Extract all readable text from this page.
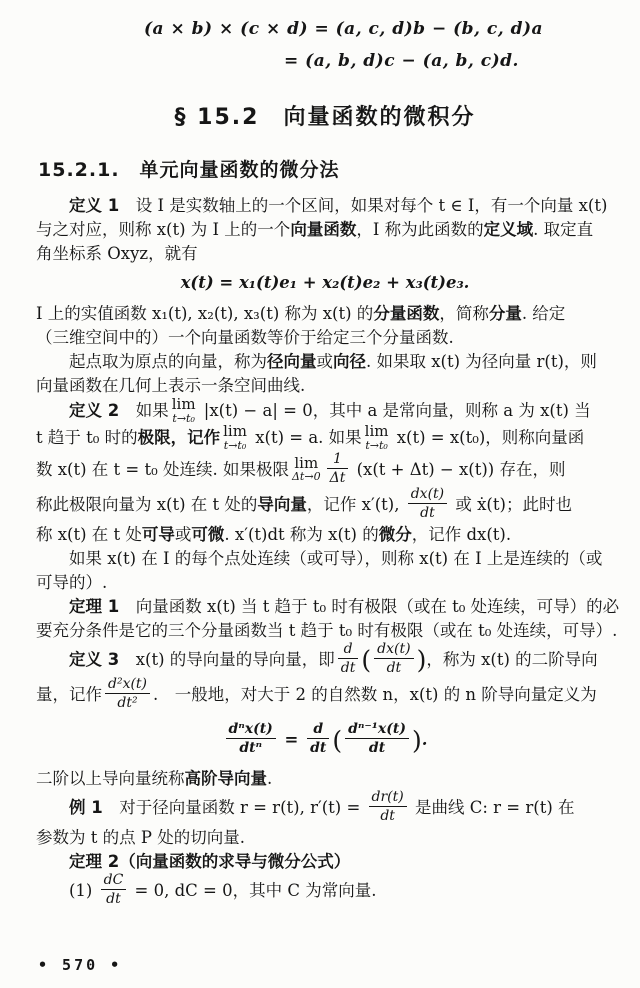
(a × b) × (c × d) = (a, c, d)b − (b, c, d)a
= (a, b, d)c − (a, b, c)d.
§ 15.2　向量函数的微积分
15.2.1.　单元向量函数的微分法

定义 1　设 I 是实数轴上的一个区间，如果对每个 t ∈ I，有一个向量 x(t)

与之对应，则称 x(t) 为 I 上的一个向量函数，I 称为此函数的定义域. 取定直

角坐标系 Oxyz，就有

x(t) = x₁(t)e₁ + x₂(t)e₂ + x₃(t)e₃.

I 上的实值函数 x₁(t), x₂(t), x₃(t) 称为 x(t) 的分量函数，简称分量. 给定

（三维空间中的）一个向量函数等价于给定三个分量函数.

起点取为原点的向量，称为径向量或向径. 如果取 x(t) 为径向量 r(t)，则

向量函数在几何上表示一条空间曲线.

定义 2　如果 lim
t→t₀ |x(t) − a| = 0，其中 a 是常向量，则称 a 为 x(t) 当

t 趋于 t₀ 时的极限，记作 lim
t→t₀ x(t) = a. 如果 lim
t→t₀ x(t) = x(t₀)，则称向量函

数 x(t) 在 t = t₀ 处连续. 如果极限 lim
$\Delta t\to 0 \frac{1}{\Delta t} (x(t + \Delta t) - x(t))$ 存在，则

称此极限向量为 x(t) 在 t 处的导向量，记作 x′(t), $\frac{dx(t)}{dt}$ 或 ẋ(t)；此时也

称 x(t) 在 t 处可导或可微. x′(t)dt 称为 x(t) 的微分，记作 dx(t).

如果 x(t) 在 I 的每个点处连续（或可导），则称 x(t) 在 I 上是连续的（或

可导的）.

定理 1　向量函数 x(t) 当 t 趋于 t₀ 时有极限（或在 t₀ 处连续，可导）的必

要充分条件是它的三个分量函数当 t 趋于 t₀ 时有极限（或在 t₀ 处连续，可导）.

定义 3　x(t) 的导向量的导向量，即 $\frac{d}{dt}$ ( $\frac{dx(t)}{dt}$ )，称为 x(t) 的二阶导向

量，记作 $\frac{\text{d²x(t)}}{\text{dt²}}$ .　一般地，对大于 2 的自然数 n，x(t) 的 n 阶导向量定义为

$\frac{\text{dⁿx(t)}}{\text{dtⁿ}} = \frac{d}{dt}$ ( $\frac{\text{dⁿ⁻¹x(t)}}{dt}$ ).

二阶以上导向量统称高阶导向量.

例 1　对于径向量函数 r = r(t), $r'(t) = \frac{dr(t)}{dt}$ 是曲线 C: r = r(t) 在

参数为 t 的点 P 处的切向量.

定理 2（向量函数的求导与微分公式）

$(1) \frac{dC}{dt} = 0$, dC = 0，其中 C 为常向量.

• 570 •
